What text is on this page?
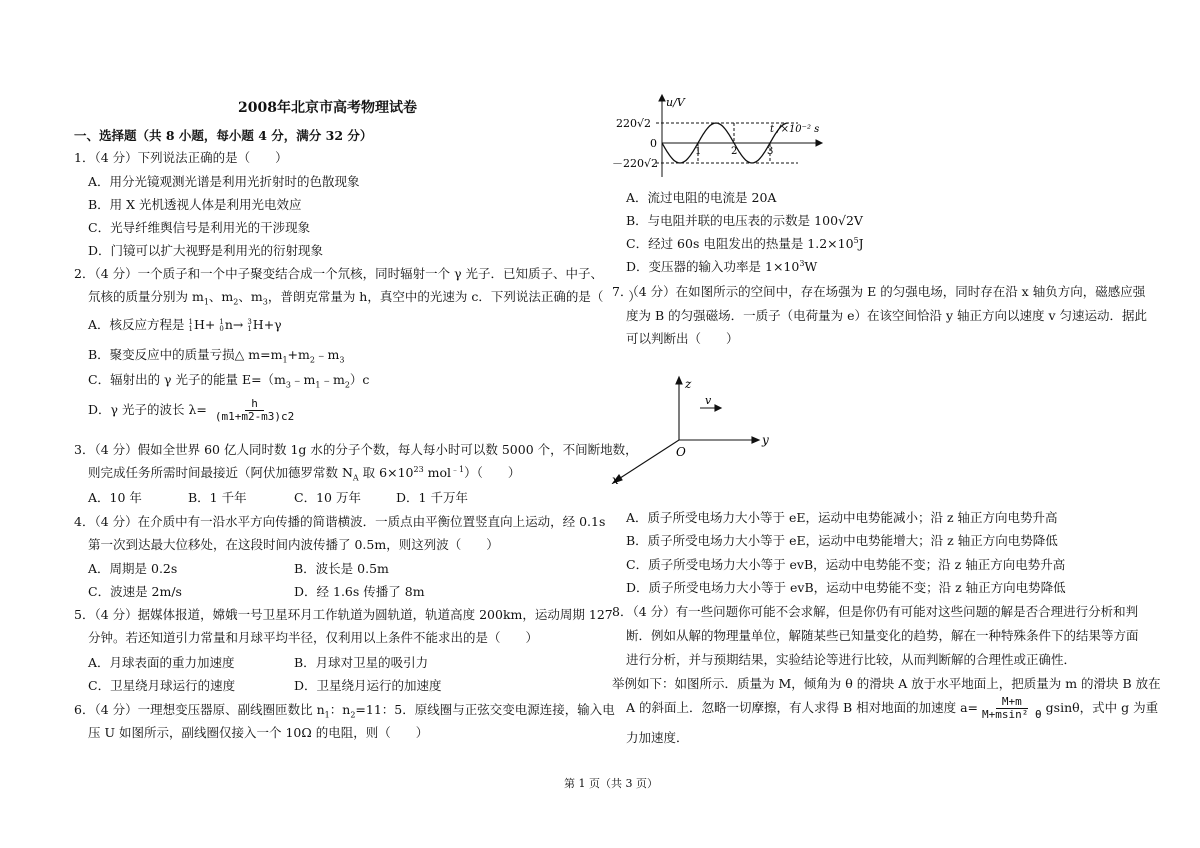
2008年北京市高考物理试卷
一、选择题（共 8 小题，每小题 4 分，满分 32 分）
1．（4 分）下列说法正确的是（　　）
A．用分光镜观测光谱是利用光折射时的色散现象
B．用 X 光机透视人体是利用光电效应
C．光导纤维舆信号是利用光的干涉现象
D．门镜可以扩大视野是利用光的衍射现象
2．（4 分）一个质子和一个中子聚变结合成一个氘核，同时辐射一个 γ 光子．已知质子、中子、
氘核的质量分别为 $m_1$、$m_2$、$m_3$，普朗克常量为 h，真空中的光速为 c．下列说法正确的是（　　）
A．核反应方程是 1
1 H+ 1
0 n→ 3
1 H+γ
B．聚变反应中的质量亏损△ $m=m_1+m_2﹣m_3$
C．辐射出的 γ 光子的能量 $E=(m_3﹣m_1﹣m_2)c$
D．γ 光子的波长 $\lambda= \frac{h}{(m1+m2-m3)c2}$
3．（4 分）假如全世界 60 亿人同时数 1g 水的分子个数，每人每小时可以数 5000 个，不间断地数，
则完成任务所需时间最接近（阿伏加德罗常数 $N_A$ 取 $6\times 10^{23}$ mol$^{﹣1}$）（　　）
A．10 年	B．1 千年	C．10 万年	D．1 千万年
4．（4 分）在介质中有一沿水平方向传播的简谐横波．一质点由平衡位置竖直向上运动，经 0.1s
第一次到达最大位移处，在这段时间内波传播了 0.5m，则这列波（　　）
A．周期是 0.2s	B．波长是 0.5m
C．波速是 2m/s	D．经 1.6s 传播了 8m
5．（4 分）据媒体报道，嫦娥一号卫星环月工作轨道为圆轨道，轨道高度 200km，运动周期 127
分钟。若还知道引力常量和月球平均半径，仅利用以上条件不能求出的是（　　）
A．月球表面的重力加速度	B．月球对卫星的吸引力
C．卫星绕月球运行的速度	D．卫星绕月运行的加速度
6．（4 分）一理想变压器原、副线圈匝数比 $n_1$：$n_2=11$：5．原线圈与正弦交变电源连接，输入电
压 U 如图所示，副线圈仅接入一个 10Ω 的电阻，则（　　）
u/V
t /×10⁻² s
220√2
0
－220√2
1	2	3
A．流过电阻的电流是 20A
B．与电阻并联的电压表的示数是 100√2V
C．经过 60s 电阻发出的热量是 $1.2\times 10^5J$
D．变压器的输入功率是 $1\times 10^3W$
7．（4 分）在如图所示的空间中，存在场强为 E 的匀强电场，同时存在沿 x 轴负方向，磁感应强
度为 B 的匀强磁场．一质子（电荷量为 e）在该空间恰沿 y 轴正方向以速度 v 匀速运动．据此
可以判断出（　　）
z
y
x
O
v
A．质子所受电场力大小等于 eE，运动中电势能减小；沿 z 轴正方向电势升高
B．质子所受电场力大小等于 eE，运动中电势能增大；沿 z 轴正方向电势降低
C．质子所受电场力大小等于 evB，运动中电势能不变；沿 z 轴正方向电势升高
D．质子所受电场力大小等于 evB，运动中电势能不变；沿 z 轴正方向电势降低
8．（4 分）有一些问题你可能不会求解，但是你仍有可能对这些问题的解是否合理进行分析和判
断．例如从解的物理量单位，解随某些已知量变化的趋势，解在一种特殊条件下的结果等方面
进行分析，并与预期结果，实验结论等进行比较，从而判断解的合理性或正确性．
举例如下：如图所示．质量为 M，倾角为 θ 的滑块 A 放于水平地面上，把质量为 m 的滑块 B 放在
A 的斜面上．忽略一切摩擦，有人求得 B 相对地面的加速度 $a= \frac{M+m}{\text{M+msin² θ}}$ gsinθ，式中 g 为重
力加速度．
第 1 页（共 3 页）
